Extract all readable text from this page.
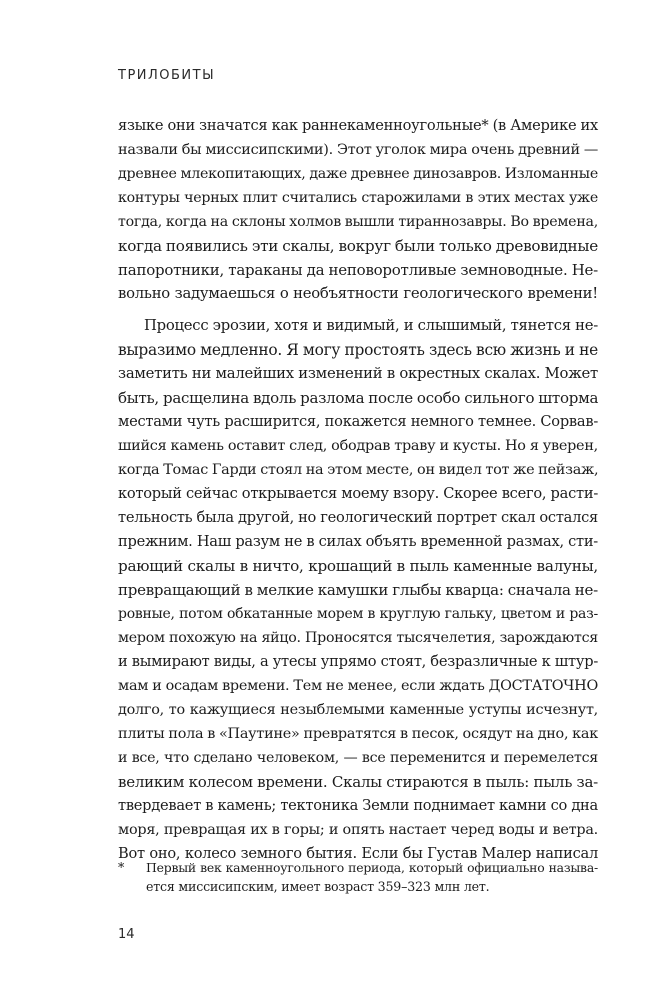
ТРИЛОБИТЫ
языке они значатся как раннекаменноугольные* (в Америке их
назвали бы миссисипскими). Этот уголок мира очень древний —
древнее млекопитающих, даже древнее динозавров. Изломанные
контуры черных плит считались старожилами в этих местах уже
тогда, когда на склоны холмов вышли тираннозавры. Во времена,
когда появились эти скалы, вокруг были только древовидные
папоротники, тараканы да неповоротливые земноводные. Не-
вольно задумаешься о необъятности геологического времени!
Процесс эрозии, хотя и видимый, и слышимый, тянется не-
выразимо медленно. Я могу простоять здесь всю жизнь и не
заметить ни малейших изменений в окрестных скалах. Может
быть, расщелина вдоль разлома после особо сильного шторма
местами чуть расширится, покажется немного темнее. Сорвав-
шийся камень оставит след, ободрав траву и кусты. Но я уверен,
когда Томас Гарди стоял на этом месте, он видел тот же пейзаж,
который сейчас открывается моему взору. Скорее всего, расти-
тельность была другой, но геологический портрет скал остался
прежним. Наш разум не в силах объять временной размах, сти-
рающий скалы в ничто, крошащий в пыль каменные валуны,
превращающий в мелкие камушки глыбы кварца: сначала не-
ровные, потом обкатанные морем в круглую гальку, цветом и раз-
мером похожую на яйцо. Проносятся тысячелетия, зарождаются
и вымирают виды, а утесы упрямо стоят, безразличные к штур-
мам и осадам времени. Тем не менее, если ждать ДОСТАТОЧНО
долго, то кажущиеся незыблемыми каменные уступы исчезнут,
плиты пола в «Паутине» превратятся в песок, осядут на дно, как
и все, что сделано человеком, — все переменится и перемелется
великим колесом времени. Скалы стираются в пыль: пыль за-
твердевает в камень; тектоника Земли поднимает камни со дна
моря, превращая их в горы; и опять настает черед воды и ветра.
Вот оно, колесо земного бытия. Если бы Густав Малер написал
* Первый век каменноугольного периода, который официально называ-
ется миссисипским, имеет возраст 359–323 млн лет.
14
